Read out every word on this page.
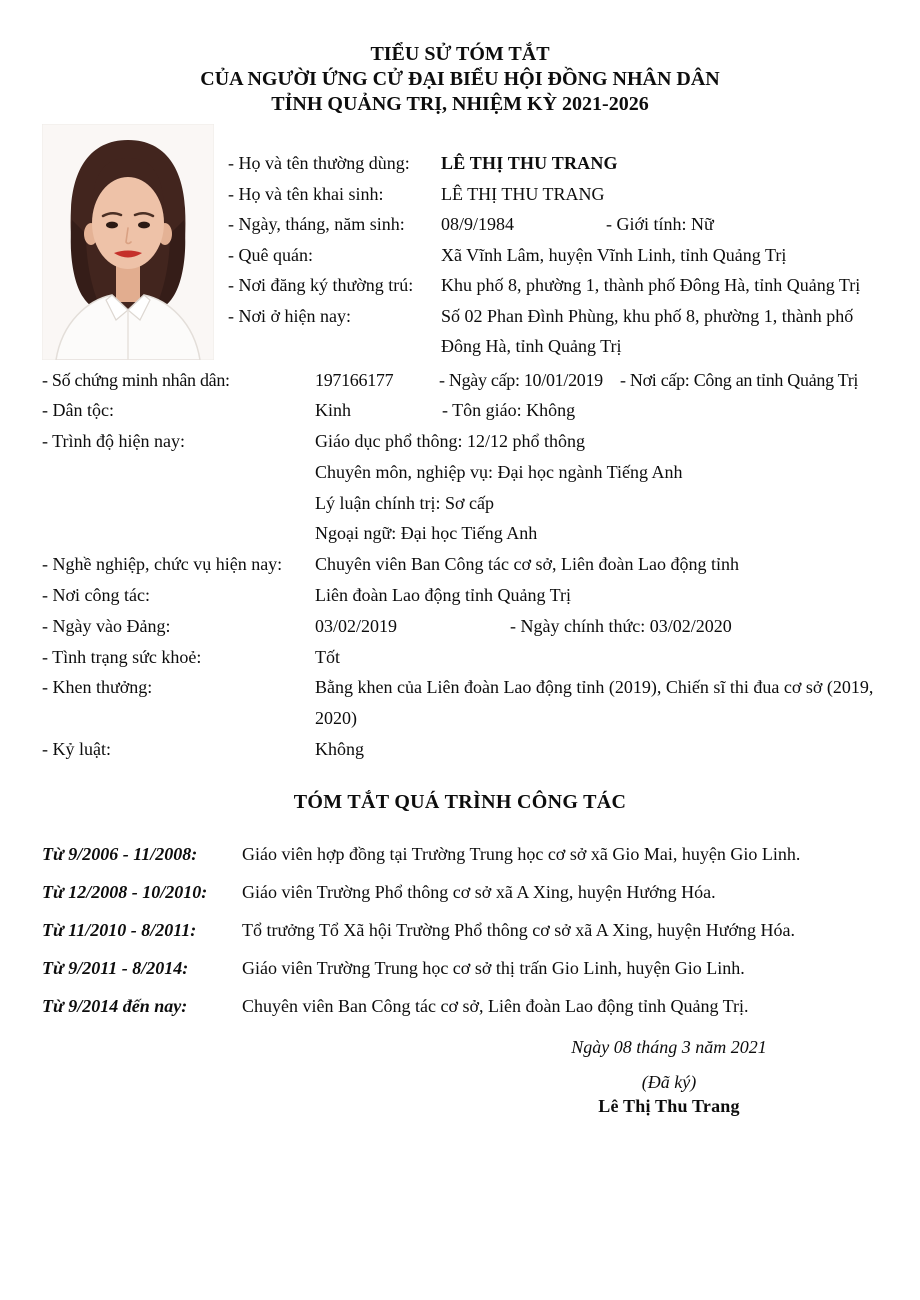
TIỂU SỬ TÓM TẮT
CỦA NGƯỜI ỨNG CỬ ĐẠI BIỂU HỘI ĐỒNG NHÂN DÂN
TỈNH QUẢNG TRỊ, NHIỆM KỲ 2021-2026
- Họ và tên thường dùng:	LÊ THỊ THU TRANG
- Họ và tên khai sinh:	LÊ THỊ THU TRANG
- Ngày, tháng, năm sinh:	08/9/1984	- Giới tính: Nữ
- Quê quán:	Xã Vĩnh Lâm, huyện Vĩnh Linh, tỉnh Quảng Trị
- Nơi đăng ký thường trú:	Khu phố 8, phường 1, thành phố Đông Hà, tỉnh Quảng Trị
- Nơi ở hiện nay:	Số 02 Phan Đình Phùng, khu phố 8, phường 1, thành phố Đông Hà, tỉnh Quảng Trị
- Số chứng minh nhân dân:	197166177	- Ngày cấp: 10/01/2019 - Nơi cấp: Công an tỉnh Quảng Trị
- Dân tộc:	Kinh	- Tôn giáo: Không
- Trình độ hiện nay:	Giáo dục phổ thông: 12/12 phổ thông
Chuyên môn, nghiệp vụ: Đại học ngành Tiếng Anh
Lý luận chính trị: Sơ cấp
Ngoại ngữ: Đại học Tiếng Anh
- Nghề nghiệp, chức vụ hiện nay:	Chuyên viên Ban Công tác cơ sở, Liên đoàn Lao động tỉnh
- Nơi công tác:	Liên đoàn Lao động tỉnh Quảng Trị
- Ngày vào Đảng:	03/02/2019	- Ngày chính thức: 03/02/2020
- Tình trạng sức khoẻ:	Tốt
- Khen thưởng:	Bằng khen của Liên đoàn Lao động tỉnh (2019), Chiến sĩ thi đua cơ sở (2019, 2020)
- Kỷ luật:	Không
TÓM TẮT QUÁ TRÌNH CÔNG TÁC
Từ 9/2006 - 11/2008:	Giáo viên hợp đồng tại Trường Trung học cơ sở xã Gio Mai, huyện Gio Linh.
Từ 12/2008 - 10/2010:	Giáo viên Trường Phổ thông cơ sở xã A Xing, huyện Hướng Hóa.
Từ 11/2010 - 8/2011:	Tổ trưởng Tổ Xã hội Trường Phổ thông cơ sở xã A Xing, huyện Hướng Hóa.
Từ 9/2011 - 8/2014:	Giáo viên Trường Trung học cơ sở thị trấn Gio Linh, huyện Gio Linh.
Từ 9/2014 đến nay:	Chuyên viên Ban Công tác cơ sở, Liên đoàn Lao động tỉnh Quảng Trị.
Ngày 08 tháng 3 năm 2021
(Đã ký)
Lê Thị Thu Trang
